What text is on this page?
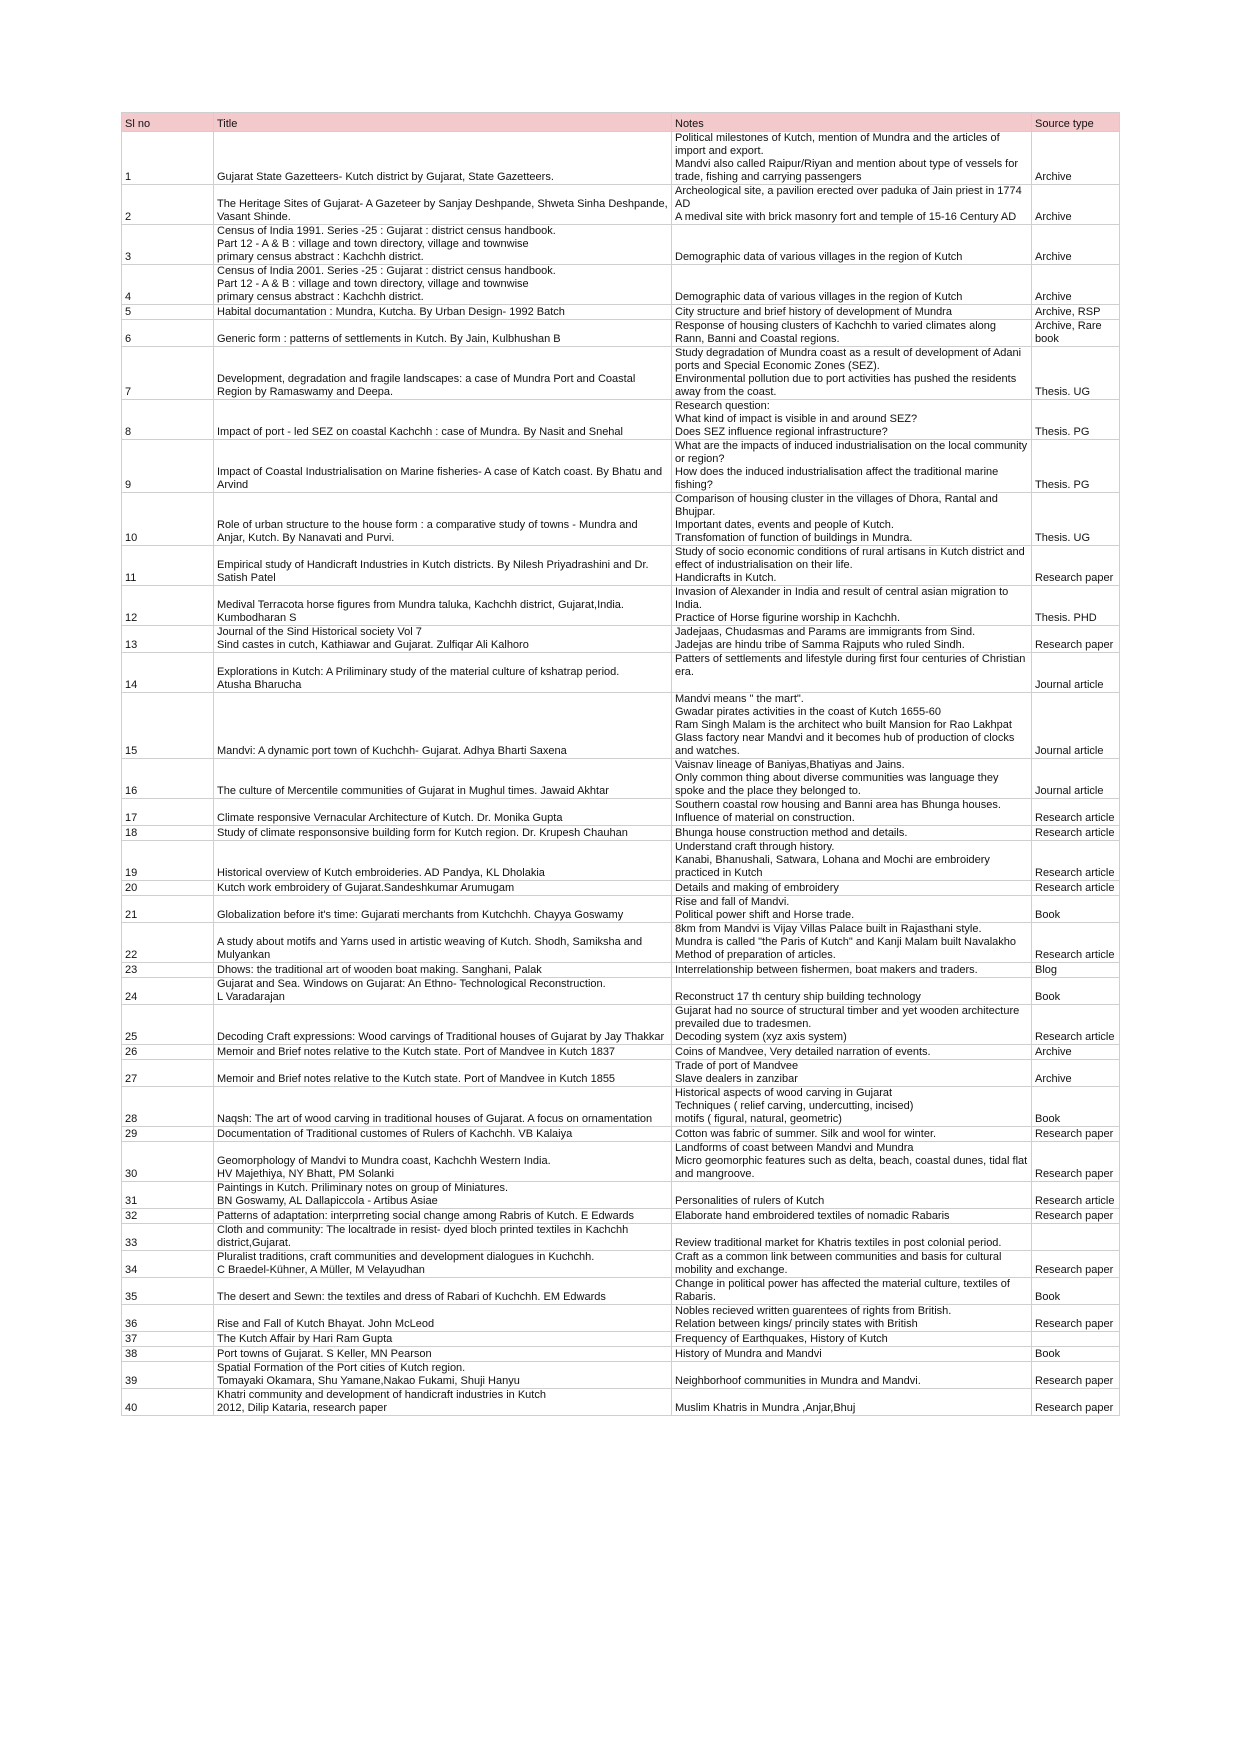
Sl no	Title	Notes	Source type
1	Gujarat State Gazetteers- Kutch district by Gujarat, State Gazetteers.	Political milestones of Kutch, mention of Mundra and the articles of import and export.
Mandvi also called Raipur/Riyan and mention about type of vessels for trade, fishing and carrying passengers	Archive
2	The Heritage Sites of Gujarat- A Gazeteer by Sanjay Deshpande, Shweta Sinha Deshpande, Vasant Shinde.	Archeological site, a pavilion erected over paduka of Jain priest in 1774 AD
A medival site with brick masonry fort and temple of 15-16 Century AD	Archive
3	Census of India 1991. Series -25 : Gujarat : district census handbook.
Part 12 - A & B : village and town directory, village and townwise
primary census abstract : Kachchh district.	Demographic data of various villages in the region of Kutch	Archive
4	Census of India 2001. Series -25 : Gujarat : district census handbook.
Part 12 - A & B : village and town directory, village and townwise
primary census abstract : Kachchh district.	Demographic data of various villages in the region of Kutch	Archive
5	Habital documantation : Mundra, Kutcha. By Urban Design- 1992 Batch	City structure and brief history of development of Mundra	Archive, RSP
6	Generic form : patterns of settlements in Kutch. By Jain, Kulbhushan B	Response of housing clusters of Kachchh to varied climates along Rann, Banni and Coastal regions.	Archive, Rare book
7	Development, degradation and fragile landscapes: a case of Mundra Port and Coastal Region by Ramaswamy and Deepa.	Study degradation of Mundra coast as a result of development of Adani ports and Special Economic Zones (SEZ).
Environmental pollution due to port activities has pushed the residents away from the coast.	Thesis. UG
8	Impact of port - led SEZ on coastal Kachchh : case of Mundra. By Nasit and Snehal	Research question:
What kind of impact is visible in and around SEZ?
Does SEZ influence regional infrastructure?	Thesis. PG
9	Impact of Coastal Industrialisation on Marine fisheries- A case of Katch coast. By Bhatu and Arvind	What are the impacts of induced industrialisation on the local community or region?
How does the induced industrialisation affect the traditional marine fishing?	Thesis. PG
10	Role of urban structure to the house form : a comparative study of towns - Mundra and Anjar, Kutch. By Nanavati and Purvi.	Comparison of housing cluster in the villages of Dhora, Rantal and Bhujpar.
Important dates, events and people of Kutch.
Transfomation of function of buildings in Mundra.	Thesis. UG
11	Empirical study of Handicraft Industries in Kutch districts. By Nilesh Priyadrashini and Dr. Satish Patel	Study of socio economic conditions of rural artisans in Kutch district and effect of industrialisation on their life.
Handicrafts in Kutch.	Research paper
12	Medival Terracota horse figures from Mundra taluka, Kachchh district, Gujarat,India.
Kumbodharan S	Invasion of Alexander in India and result of central asian migration to India.
Practice of Horse figurine worship in Kachchh.	Thesis. PHD
13	Journal of the Sind Historical society Vol 7
Sind castes in cutch, Kathiawar and Gujarat. Zulfiqar Ali Kalhoro	Jadejaas, Chudasmas and Params are immigrants from Sind.
Jadejas are hindu tribe of Samma Rajputs who ruled Sindh.	Research paper
14	Explorations in Kutch: A Priliminary study of the material culture of kshatrap period.
Atusha Bharucha	Patters of settlements and lifestyle during first four centuries of Christian era.	Journal article
15	Mandvi: A dynamic port town of Kuchchh- Gujarat. Adhya Bharti Saxena	Mandvi means " the mart".
Gwadar pirates activities in the coast of Kutch 1655-60
Ram Singh Malam is the architect who built Mansion for Rao Lakhpat
Glass factory near Mandvi and it becomes hub of production of clocks and watches.	Journal article
16	The culture of Mercentile communities of Gujarat in Mughul times. Jawaid Akhtar	Vaisnav lineage of Baniyas,Bhatiyas and Jains.
Only common thing about diverse communities was language they spoke and the place they belonged to.	Journal article
17	Climate responsive Vernacular Architecture of Kutch. Dr. Monika Gupta	Southern coastal row housing and Banni area has Bhunga houses.
Influence of material on construction.	Research article
18	Study of climate responsonsive building form for Kutch region. Dr. Krupesh Chauhan	Bhunga house construction method and details.	Research article
19	Historical overview of Kutch embroideries. AD Pandya, KL Dholakia	Understand craft through history.
Kanabi, Bhanushali, Satwara, Lohana and Mochi are embroidery practiced in Kutch	Research article
20	Kutch work embroidery of Gujarat.Sandeshkumar Arumugam	Details and making of embroidery	Research article
21	Globalization before it's time: Gujarati merchants from Kutchchh. Chayya Goswamy	Rise and fall of Mandvi.
Political power shift and Horse trade.	Book
22	A study about motifs and Yarns used in artistic weaving of Kutch. Shodh, Samiksha and Mulyankan	8km from Mandvi is Vijay Villas Palace built in Rajasthani style.
Mundra is called "the Paris of Kutch" and Kanji Malam built Navalakho
Method of preparation of articles.	Research article
23	Dhows: the traditional art of wooden boat making. Sanghani, Palak	Interrelationship between fishermen, boat makers and traders.	Blog
24	Gujarat and Sea. Windows on Gujarat: An Ethno- Technological Reconstruction.
L Varadarajan	Reconstruct 17 th century ship building technology	Book
25	Decoding Craft expressions: Wood carvings of Traditional houses of Gujarat by Jay Thakkar	Gujarat had no source of structural timber and yet wooden architecture prevailed due to tradesmen.
Decoding system (xyz axis system)	Research article
26	Memoir and Brief notes relative to the Kutch state. Port of Mandvee in Kutch 1837	Coins of Mandvee, Very detailed narration of events.	Archive
27	Memoir and Brief notes relative to the Kutch state. Port of Mandvee in Kutch 1855	Trade of port of Mandvee
Slave dealers in zanzibar	Archive
28	Naqsh: The art of wood carving in traditional houses of Gujarat. A focus on ornamentation	Historical aspects of wood carving in Gujarat
Techniques ( relief carving, undercutting, incised)
motifs ( figural, natural, geometric)	Book
29	Documentation of Traditional customes of Rulers of Kachchh. VB Kalaiya	Cotton was fabric of summer. Silk and wool for winter.	Research paper
30	Geomorphology of Mandvi to Mundra coast, Kachchh Western India.
HV Majethiya, NY Bhatt, PM Solanki	Landforms of coast between Mandvi and Mundra
Micro geomorphic features such as delta, beach, coastal dunes, tidal flat and mangroove.	Research paper
31	Paintings in Kutch. Priliminary notes on group of Miniatures.
BN Goswamy, AL Dallapiccola - Artibus Asiae	Personalities of rulers of Kutch	Research article
32	Patterns of adaptation: interprreting social change among Rabris of Kutch. E Edwards	Elaborate hand embroidered textiles of nomadic Rabaris	Research paper
33	Cloth and community: The localtrade in resist- dyed bloch printed textiles in Kachchh district,Gujarat.	Review traditional market for Khatris textiles in post colonial period.	
34	Pluralist traditions, craft communities and development dialogues in Kuchchh.
C Braedel-Kühner, A Müller, M Velayudhan	Craft as a common link between communities and basis for cultural mobility and exchange.	Research paper
35	The desert and Sewn: the textiles and dress of Rabari of Kuchchh. EM Edwards	Change in political power has affected the material culture, textiles of Rabaris.	Book
36	Rise and Fall of Kutch Bhayat. John McLeod	Nobles recieved written guarentees of rights from British.
Relation between kings/ princily states with British	Research paper
37	The Kutch Affair by Hari Ram Gupta	Frequency of Earthquakes, History of Kutch	
38	Port towns of Gujarat. S Keller, MN Pearson	History of Mundra and Mandvi	Book
39	Spatial Formation of the Port cities of Kutch region.
Tomayaki Okamara, Shu Yamane,Nakao Fukami, Shuji Hanyu	Neighborhoof communities in Mundra and Mandvi.	Research paper
40	Khatri community and development of handicraft industries in Kutch
2012, Dilip Kataria, research paper	Muslim Khatris in Mundra ,Anjar,Bhuj	Research paper
